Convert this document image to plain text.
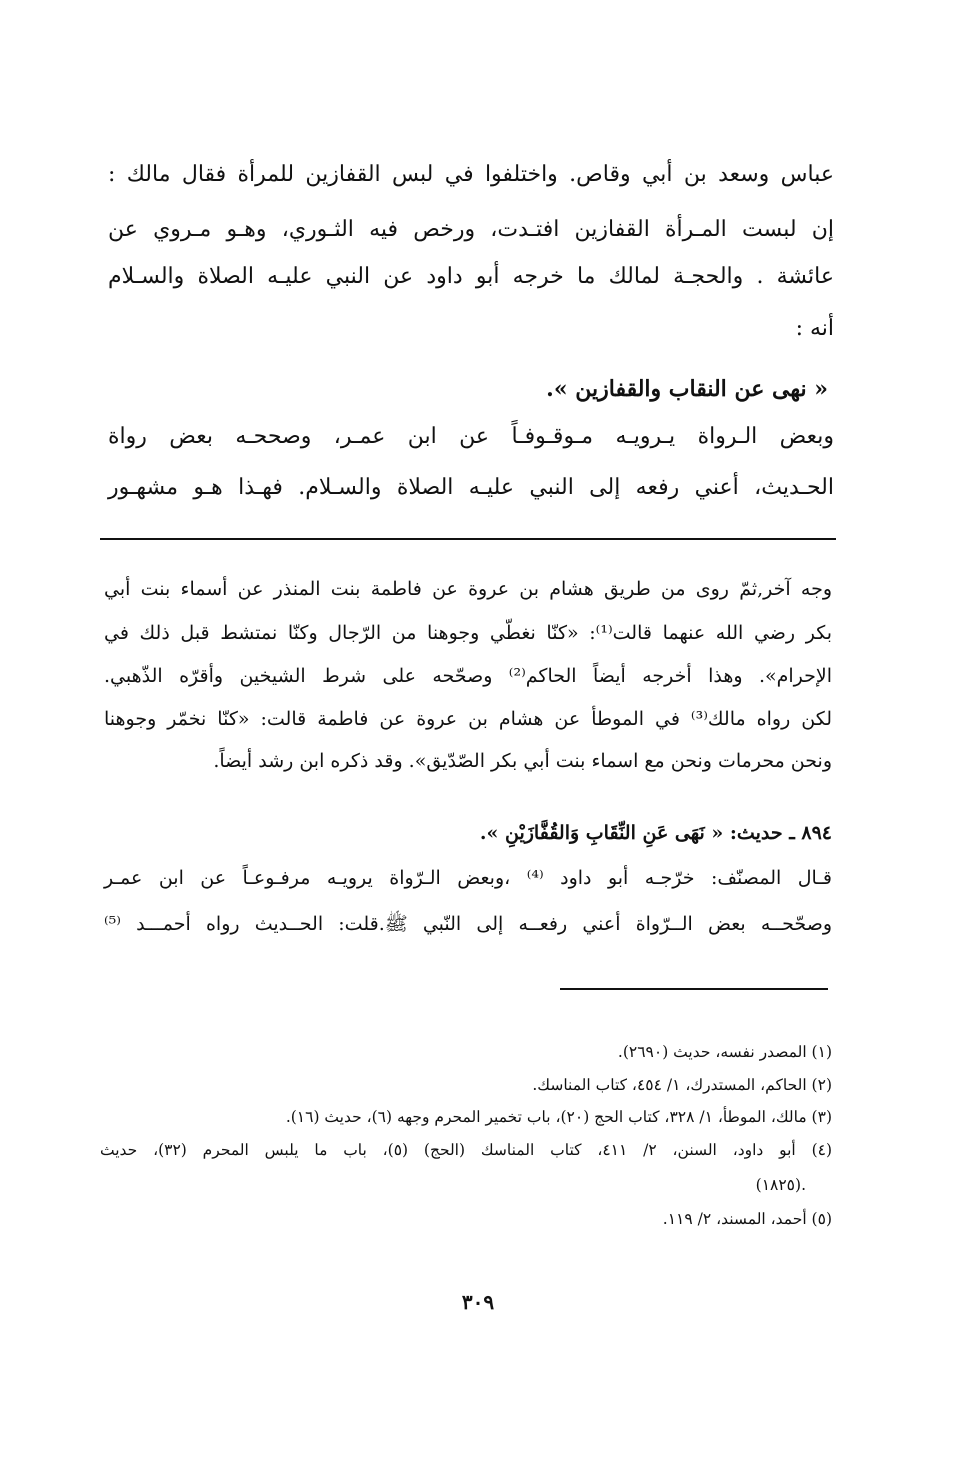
عباس وسعد بن أبي وقاص. واختلفوا في لبس القفازين للمرأة فقال مالك :

إن لبست المـرأة القفازين افتـدت، ورخص فيه الثـوري، وهـو مـروي عن

عائشة . والحجـة لمالك ما خرجه أبو داود عن النبي عليـه الصلاة والسـلام

أنه :

« نهى عن النقاب والقفازين ».

وبعض الـرواة يـرويـه مـوقـوفـاً عن ابن عمـر، وصححـه بعض رواة

الحـديث، أعني رفعه إلى النبي عليـه الصلاة والسـلام. فهـذا هـو مشهـور

وجه آخر,ثمّ روى من طريق هشام بن عروة عن فاطمة بنت المنذر عن أسماء بنت أبي

بكر رضي الله عنهما قالت⁽¹⁾: «كنّا نغطّي وجوهنا من الرّجال وكنّا نمتشط قبل ذلك في

الإحرام». وهذا أخرجه أيضاً الحاكم⁽²⁾ وصحّحه على شرط الشيخين وأقرّه الذّهبي.

لكن رواه مالك⁽³⁾ في الموطأ عن هشام بن عروة عن فاطمة قالت: «كنّا نخمّر وجوهنا

ونحن محرمات ونحن مع اسماء بنت أبي بكر الصّدّيق». وقد ذكره ابن رشد أيضاً.

٨٩٤ ـ حديث: « نَهَى عَنِ النِّقَابِ وَالقُفَّازَيْنِ ».

قـال المصنّف: خرّجـه أبو داود ⁽⁴⁾ ،وبعض الـرّواة يرويـه مرفـوعـاً عن ابن عمـر

وصحّحــه بعض الــرّواة أعني رفعــه إلى النّبي ﷺ.قلت: الحــديث رواه أحمـــد ⁽⁵⁾

(١) المصدر نفسه، حديث (٢٦٩٠).

(٢) الحاكم، المستدرك، ١/ ٤٥٤، كتاب المناسك.

(٣) مالك، الموطأ، ١/ ٣٢٨، كتاب الحج (٢٠)، باب تخمير المحرم وجهه (٦)، حديث (١٦).

(٤) أبو داود، السنن، ٢/ ٤١١، كتاب المناسك (الحج) (٥)، باب ما يلبس المحرم (٣٢)، حديث

(١٨٢٥).

(٥) أحمد، المسند، ٢/ ١١٩.

٣٠٩
